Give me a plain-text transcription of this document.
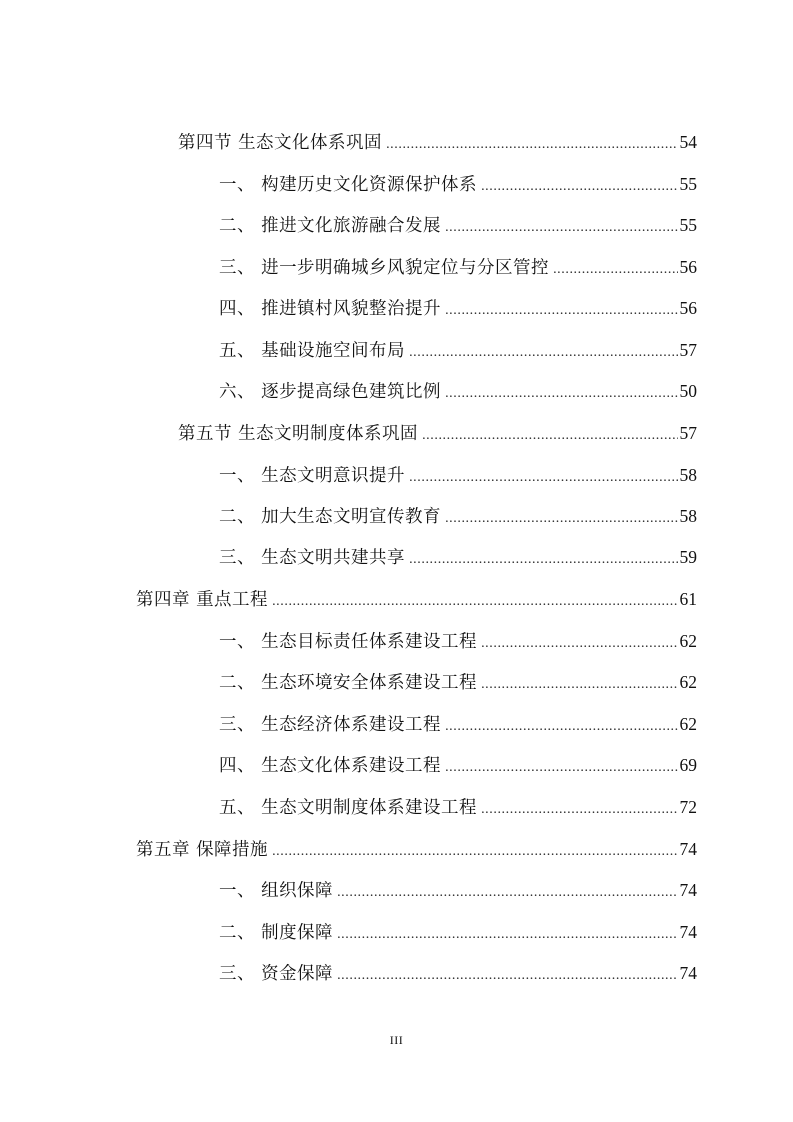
第四节 生态文化体系巩固 .....	54
一、 构建历史文化资源保护体系 .....	55
二、 推进文化旅游融合发展 .....	55
三、 进一步明确城乡风貌定位与分区管控 .....	56
四、 推进镇村风貌整治提升 .....	56
五、 基础设施空间布局 .....	57
六、 逐步提高绿色建筑比例 .....	50
第五节 生态文明制度体系巩固 .....	57
一、 生态文明意识提升 .....	58
二、 加大生态文明宣传教育 .....	58
三、 生态文明共建共享 .....	59
第四章 重点工程 .....	61
一、 生态目标责任体系建设工程 .....	62
二、 生态环境安全体系建设工程 .....	62
三、 生态经济体系建设工程 .....	62
四、 生态文化体系建设工程 .....	69
五、 生态文明制度体系建设工程 .....	72
第五章 保障措施 .....	74
一、 组织保障 .....	74
二、 制度保障 .....	74
三、 资金保障 .....	74
III
